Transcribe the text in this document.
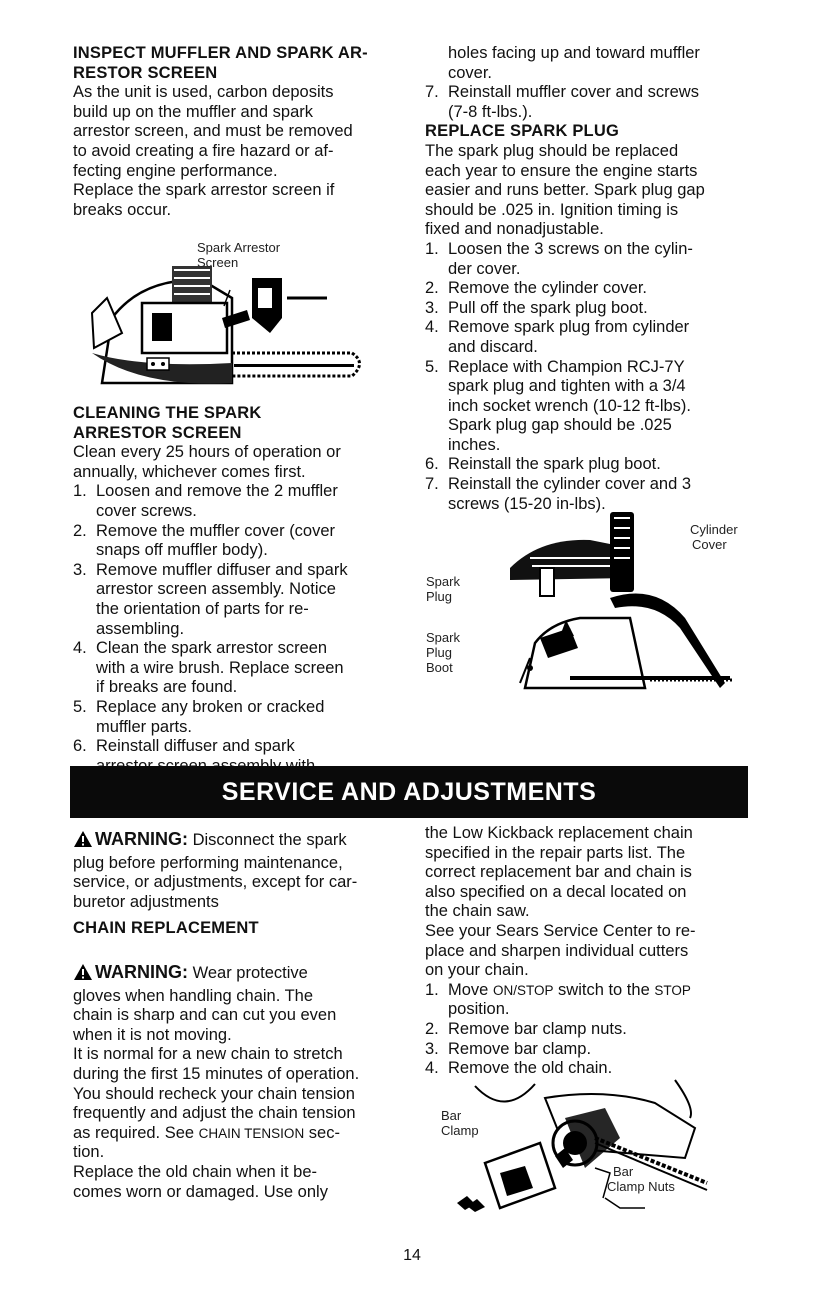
INSPECT MUFFLER AND SPARK AR-
RESTOR SCREEN

As the unit is used, carbon deposits
build up on the muffler and spark
arrestor screen, and must be removed
to avoid creating a fire hazard or af-
fecting engine performance.

Replace the spark arrestor screen if
breaks occur.

Spark Arrestor
Screen

CLEANING THE SPARK
ARRESTOR SCREEN

Clean every 25 hours of operation or
annually, whichever comes first.

1. Loosen and remove the 2 muffler
cover screws.
2. Remove the muffler cover (cover
snaps off muffler body).
3. Remove muffler diffuser and spark
arrestor screen assembly. Notice
the orientation of parts for re-
assembling.
4. Clean the spark arrestor screen
with a wire brush. Replace screen
if breaks are found.
5. Replace any broken or cracked
muffler parts.
6. Reinstall diffuser and spark

holes facing up and toward muffler
cover.
7. Reinstall muffler cover and screws
(7-8 ft-lbs.).

REPLACE SPARK PLUG

The spark plug should be replaced
each year to ensure the engine starts
easier and runs better. Spark plug gap
should be .025 in. Ignition timing is
fixed and nonadjustable.

1. Loosen the 3 screws on the cylin-
der cover.
2. Remove the cylinder cover.
3. Pull off the spark plug boot.
4. Remove spark plug from cylinder
and discard.
5. Replace with Champion RCJ-7Y
spark plug and tighten with a 3/4
inch socket wrench (10-12 ft-lbs).
Spark plug gap should be .025
inches.
6. Reinstall the spark plug boot.
7. Reinstall the cylinder cover and 3
screws (15-20 in-lbs).
Cylinder
Cover
Spark
Plug
Spark
Plug
Boot
SERVICE AND ADJUSTMENTS

WARNING: Disconnect the spark
plug before performing maintenance,
service, or adjustments, except for car-
buretor adjustments

CHAIN REPLACEMENT

WARNING: Wear protective
gloves when handling chain. The
chain is sharp and can cut you even
when it is not moving.

It is normal for a new chain to stretch
during the first 15 minutes of operation.
You should recheck your chain tension
frequently and adjust the chain tension
as required. See CHAIN TENSION sec-
tion.

Replace the old chain when it be-
comes worn or damaged. Use only

the Low Kickback replacement chain
specified in the repair parts list. The
correct replacement bar and chain is
also specified on a decal located on
the chain saw.

See your Sears Service Center to re-
place and sharpen individual cutters
on your chain.

1. Move ON/STOP switch to the STOP
position.
2. Remove bar clamp nuts.
3. Remove bar clamp.
4. Remove the old chain.
Bar
Clamp
Bar
Clamp Nuts
14
